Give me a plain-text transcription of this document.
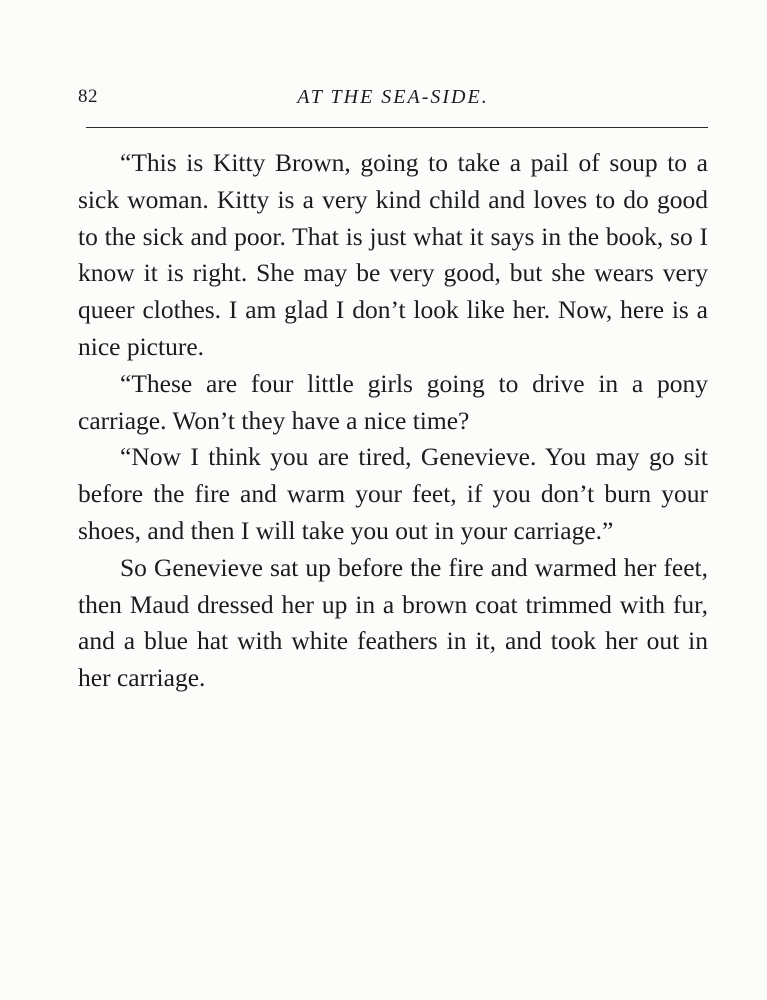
82	AT THE SEA-SIDE.

“This is Kitty Brown, going to take a pail of soup to a sick woman. Kitty is a very kind child and loves to do good to the sick and poor. That is just what it says in the book, so I know it is right. She may be very good, but she wears very queer clothes. I am glad I don’t look like her. Now, here is a nice picture.

“These are four little girls going to drive in a pony carriage. Won’t they have a nice time?

“Now I think you are tired, Genevieve. You may go sit before the fire and warm your feet, if you don’t burn your shoes, and then I will take you out in your carriage.”

So Genevieve sat up before the fire and warmed her feet, then Maud dressed her up in a brown coat trimmed with fur, and a blue hat with white feathers in it, and took her out in her carriage.
